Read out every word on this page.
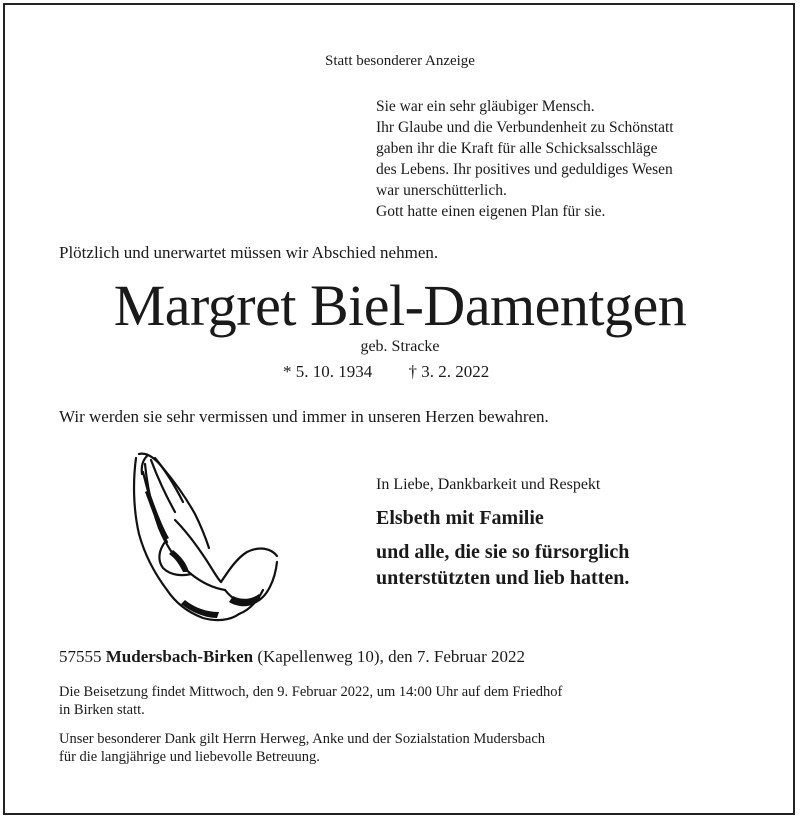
Statt besonderer Anzeige
Sie war ein sehr gläubiger Mensch.
Ihr Glaube und die Verbundenheit zu Schönstatt
gaben ihr die Kraft für alle Schicksalsschläge
des Lebens. Ihr positives und geduldiges Wesen
war unerschütterlich.
Gott hatte einen eigenen Plan für sie.
Plötzlich und unerwartet müssen wir Abschied nehmen.
Margret Biel-Damentgen
geb. Stracke
* 5. 10. 1934 † 3. 2. 2022
Wir werden sie sehr vermissen und immer in unseren Herzen bewahren.
In Liebe, Dankbarkeit und Respekt
Elsbeth mit Familie
und alle, die sie so fürsorglich
unterstützten und lieb hatten.
57555 Mudersbach-Birken (Kapellenweg 10), den 7. Februar 2022
Die Beisetzung findet Mittwoch, den 9. Februar 2022, um 14:00 Uhr auf dem Friedhof
in Birken statt.
Unser besonderer Dank gilt Herrn Herweg, Anke und der Sozialstation Mudersbach
für die langjährige und liebevolle Betreuung.
